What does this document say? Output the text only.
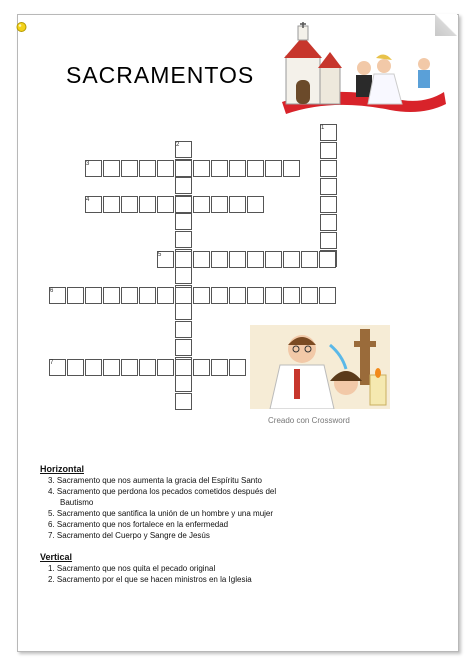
SACRAMENTOS
Creado con Crossword
1
2
3
4
5
6
7
Horizontal
3. Sacramento que nos aumenta la gracia del Espíritu Santo
4. Sacramento que perdona los pecados cometidos después del
Bautismo
5. Sacramento que santifica la unión de un hombre y una mujer
6. Sacramento que nos fortalece en la enfermedad
7. Sacramento del Cuerpo y Sangre de Jesús
Vertical
1. Sacramento que nos quita el pecado original
2. Sacramento por el que se hacen ministros en la Iglesia
